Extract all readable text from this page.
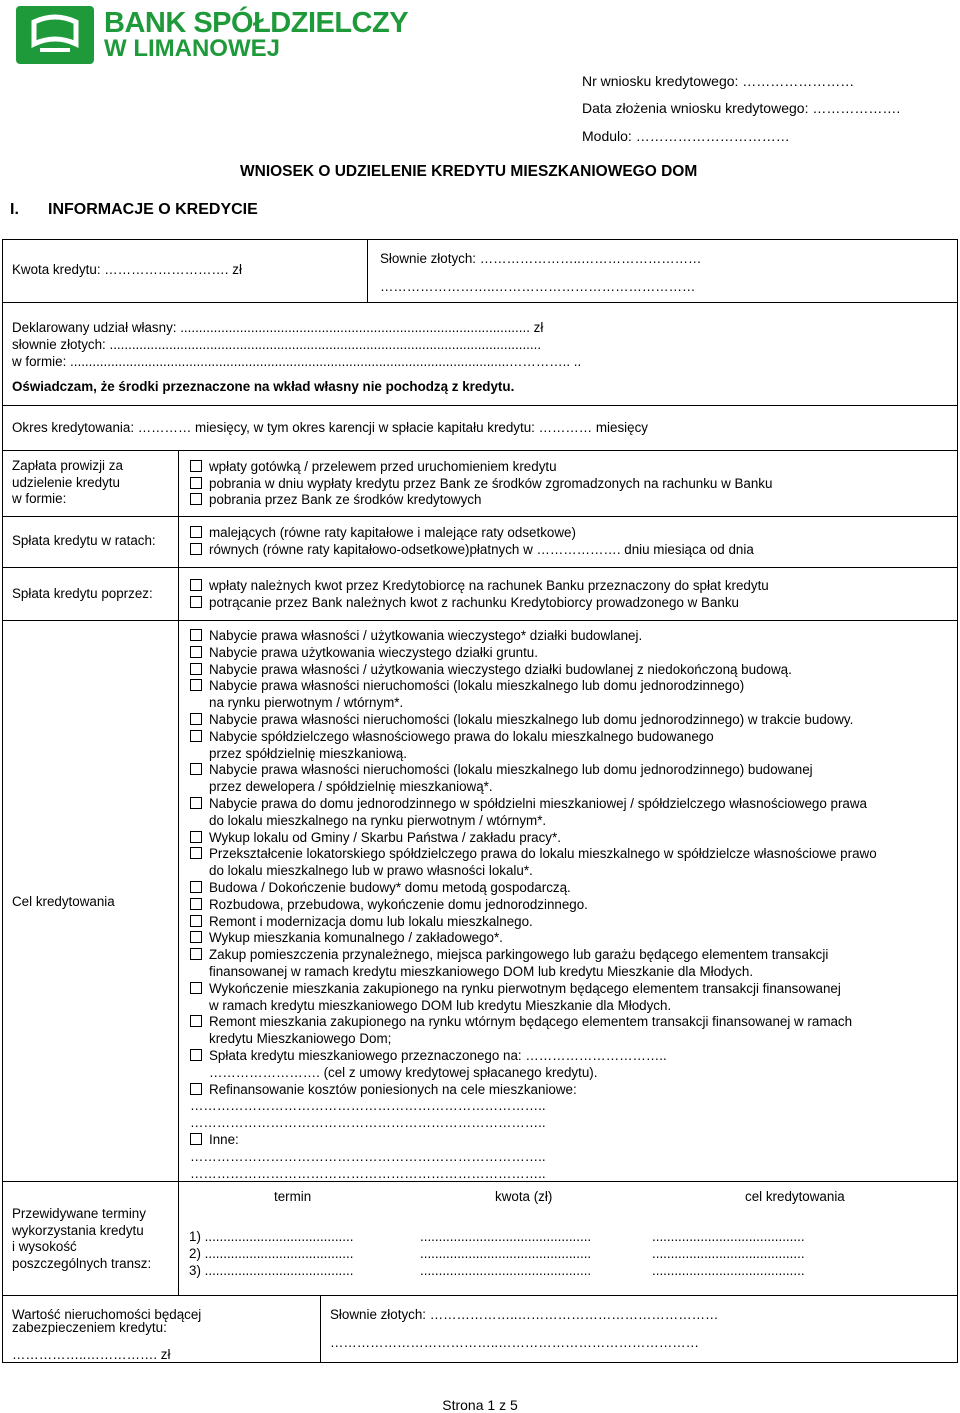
BANK SPÓŁDZIELCZY
W LIMANOWEJ
Nr wniosku kredytowego: ……………………
Data złożenia wniosku kredytowego: ……………….
Modulo: ……………………………
WNIOSEK O UDZIELENIE KREDYTU MIESZKANIOWEGO DOM
I. INFORMACJE O KREDYCIE
Kwota kredytu: ………………………. zł
Słownie złotych: …………………..………………………
……………………..………………………………………
Deklarowany udział własny: .............................................................................................. zł
słownie złotych: ....................................................................................................................
w formie: ......................................................................................................................………….. ..
Oświadczam, że środki przeznaczone na wkład własny nie pochodzą z kredytu.
Okres kredytowania: ………… miesięcy, w tym okres karencji w spłacie kapitału kredytu: ………… miesięcy
Zapłata prowizji za
udzielenie kredytu
w formie:
wpłaty gotówką / przelewem przed uruchomieniem kredytu
pobrania w dniu wypłaty kredytu przez Bank ze środków zgromadzonych na rachunku w Banku
pobrania przez Bank ze środków kredytowych
Spłata kredytu w ratach:
malejących (równe raty kapitałowe i malejące raty odsetkowe)
równych (równe raty kapitałowo-odsetkowe)płatnych w ………………. dniu miesiąca od dnia
Spłata kredytu poprzez:
wpłaty należnych kwot przez Kredytobiorcę na rachunek Banku przeznaczony do spłat kredytu
potrącanie przez Bank należnych kwot z rachunku Kredytobiorcy prowadzonego w Banku
Cel kredytowania
Nabycie prawa własności / użytkowania wieczystego* działki budowlanej.
Nabycie prawa użytkowania wieczystego działki gruntu.
Nabycie prawa własności / użytkowania wieczystego działki budowlanej z niedokończoną budową.
Nabycie prawa własności nieruchomości (lokalu mieszkalnego lub domu jednorodzinnego)
na rynku pierwotnym / wtórnym*.
Nabycie prawa własności nieruchomości (lokalu mieszkalnego lub domu jednorodzinnego) w trakcie budowy.
Nabycie spółdzielczego własnościowego prawa do lokalu mieszkalnego budowanego
przez spółdzielnię mieszkaniową.
Nabycie prawa własności nieruchomości (lokalu mieszkalnego lub domu jednorodzinnego) budowanej
przez dewelopera / spółdzielnię mieszkaniową*.
Nabycie prawa do domu jednorodzinnego w spółdzielni mieszkaniowej / spółdzielczego własnościowego prawa
do lokalu mieszkalnego na rynku pierwotnym / wtórnym*.
Wykup lokalu od Gminy / Skarbu Państwa / zakładu pracy*.
Przekształcenie lokatorskiego spółdzielczego prawa do lokalu mieszkalnego w spółdzielcze własnościowe prawo
do lokalu mieszkalnego lub w prawo własności lokalu*.
Budowa / Dokończenie budowy* domu metodą gospodarczą.
Rozbudowa, przebudowa, wykończenie domu jednorodzinnego.
Remont i modernizacja domu lub lokalu mieszkalnego.
Wykup mieszkania komunalnego / zakładowego*.
Zakup pomieszczenia przynależnego, miejsca parkingowego lub garażu będącego elementem transakcji
finansowanej w ramach kredytu mieszkaniowego DOM lub kredytu Mieszkanie dla Młodych.
Wykończenie mieszkania zakupionego na rynku pierwotnym będącego elementem transakcji finansowanej
w ramach kredytu mieszkaniowego DOM lub kredytu Mieszkanie dla Młodych.
Remont mieszkania zakupionego na rynku wtórnym będącego elementem transakcji finansowanej w ramach
kredytu Mieszkaniowego Dom;
Spłata kredytu mieszkaniowego przeznaczonego na: …………………………..
……………………. (cel z umowy kredytowej spłacanego kredytu).
Refinansowanie kosztów poniesionych na cele mieszkaniowe:
……………………………………………………………………..
……………………………………………………………………..
Inne:
……………………………………………………………………..
……………………………………………………………………..
Przewidywane terminy
wykorzystania kredytu
i wysokość
poszczególnych transz:
termin	kwota (zł)	cel kredytowania
1) ........................................	..............................................	.........................................
2) ........................................	..............................................	.........................................
3) ........................................	..............................................	.........................................
Wartość nieruchomości będącej
zabezpieczeniem kredytu:
……………..……………. zł
Słownie złotych: ………………..………………………………………
………………………………..………………………………………
Strona 1 z 5
